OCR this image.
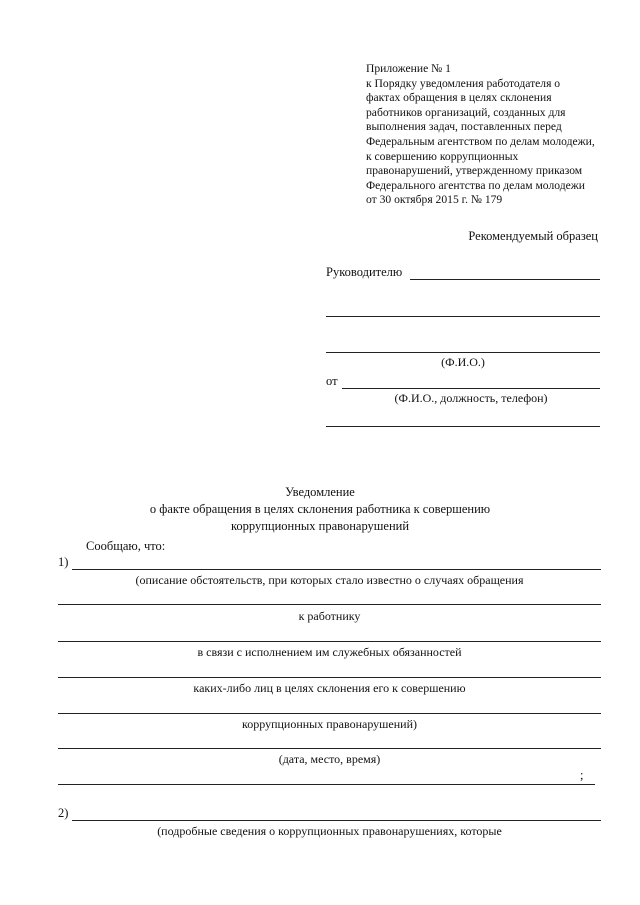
Приложение № 1
к Порядку уведомления работодателя о
фактах обращения в целях склонения
работников организаций, созданных для
выполнения задач, поставленных перед
Федеральным агентством по делам молодежи,
к совершению коррупционных
правонарушений, утвержденному приказом
Федерального агентства по делам молодежи
от 30 октября 2015 г. № 179
Рекомендуемый образец
Руководителю
(Ф.И.О.)
от
(Ф.И.О., должность, телефон)
Уведомление
о факте обращения в целях склонения работника к совершению
коррупционных правонарушений
Сообщаю, что:
1)
(описание обстоятельств, при которых стало известно о случаях обращения
к работнику
в связи с исполнением им служебных обязанностей
каких-либо лиц в целях склонения его к совершению
коррупционных правонарушений)
(дата, место, время)
;
2)
(подробные сведения о коррупционных правонарушениях, которые
